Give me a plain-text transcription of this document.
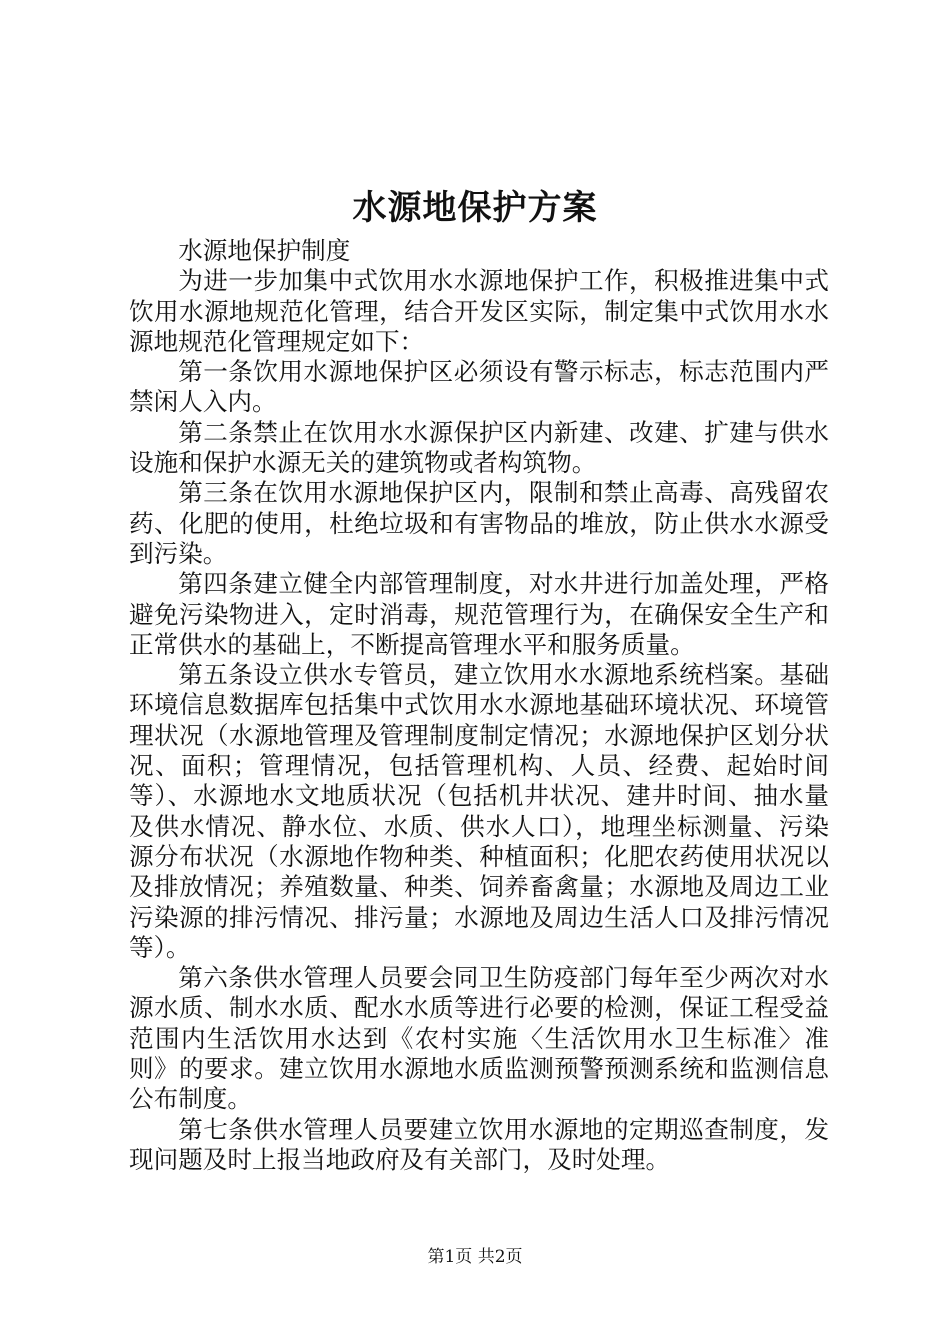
水源地保护方案

水源地保护制度

为进一步加集中式饮用水水源地保护工作，积极推进集中式饮用水源地规范化管理，结合开发区实际，制定集中式饮用水水源地规范化管理规定如下：

第一条饮用水源地保护区必须设有警示标志，标志范围内严禁闲人入内。

第二条禁止在饮用水水源保护区内新建、改建、扩建与供水设施和保护水源无关的建筑物或者构筑物。

第三条在饮用水源地保护区内，限制和禁止高毒、高残留农药、化肥的使用，杜绝垃圾和有害物品的堆放，防止供水水源受到污染。

第四条建立健全内部管理制度，对水井进行加盖处理，严格避免污染物进入，定时消毒，规范管理行为，在确保安全生产和正常供水的基础上，不断提高管理水平和服务质量。

第五条设立供水专管员，建立饮用水水源地系统档案。基础环境信息数据库包括集中式饮用水水源地基础环境状况、环境管理状况（水源地管理及管理制度制定情况；水源地保护区划分状况、面积；管理情况，包括管理机构、人员、经费、起始时间等）、水源地水文地质状况（包括机井状况、建井时间、抽水量及供水情况、静水位、水质、供水人口），地理坐标测量、污染源分布状况（水源地作物种类、种植面积；化肥农药使用状况以及排放情况；养殖数量、种类、饲养畜禽量；水源地及周边工业污染源的排污情况、排污量；水源地及周边生活人口及排污情况等）。

第六条供水管理人员要会同卫生防疫部门每年至少两次对水源水质、制水水质、配水水质等进行必要的检测，保证工程受益范围内生活饮用水达到《农村实施〈生活饮用水卫生标准〉准则》的要求。建立饮用水源地水质监测预警预测系统和监测信息公布制度。

第七条供水管理人员要建立饮用水源地的定期巡查制度，发现问题及时上报当地政府及有关部门，及时处理。

第1页 共2页
